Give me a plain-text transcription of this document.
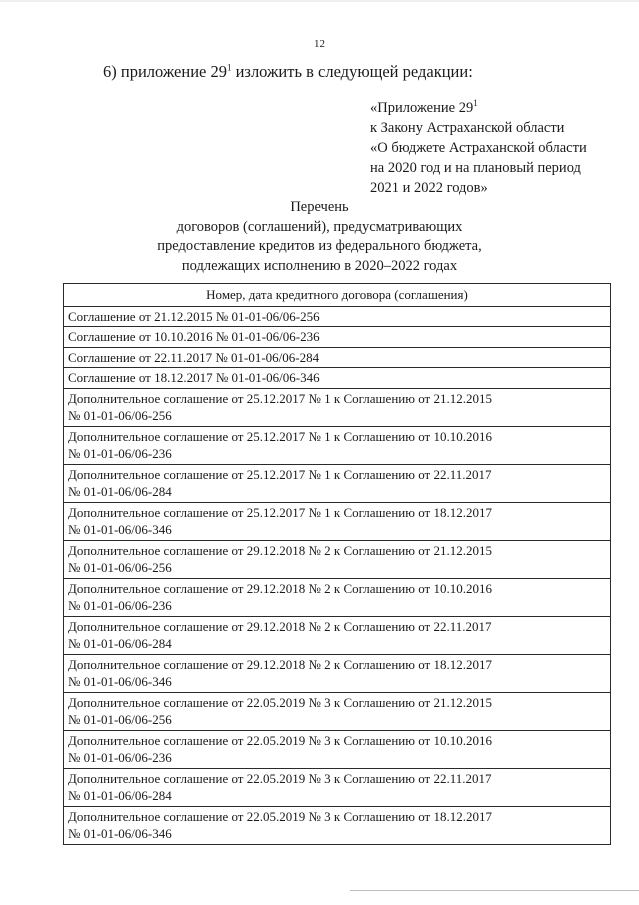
12
6) приложение $29^1$ изложить в следующей редакции:
«Приложение $29^1$
к Закону Астраханской области
«О бюджете Астраханской области
на 2020 год и на плановый период
2021 и 2022 годов»
Перечень
договоров (соглашений), предусматривающих
предоставление кредитов из федерального бюджета,
подлежащих исполнению в 2020–2022 годах
Номер, дата кредитного договора (соглашения)

Соглашение от 21.12.2015 № 01-01-06/06-256

Соглашение от 10.10.2016 № 01-01-06/06-236

Соглашение от 22.11.2017 № 01-01-06/06-284

Соглашение от 18.12.2017 № 01-01-06/06-346

Дополнительное соглашение от 25.12.2017 № 1 к Соглашению от 21.12.2015
№ 01-01-06/06-256

Дополнительное соглашение от 25.12.2017 № 1 к Соглашению от 10.10.2016
№ 01-01-06/06-236

Дополнительное соглашение от 25.12.2017 № 1 к Соглашению от 22.11.2017
№ 01-01-06/06-284

Дополнительное соглашение от 25.12.2017 № 1 к Соглашению от 18.12.2017
№ 01-01-06/06-346

Дополнительное соглашение от 29.12.2018 № 2 к Соглашению от 21.12.2015
№ 01-01-06/06-256

Дополнительное соглашение от 29.12.2018 № 2 к Соглашению от 10.10.2016
№ 01-01-06/06-236

Дополнительное соглашение от 29.12.2018 № 2 к Соглашению от 22.11.2017
№ 01-01-06/06-284

Дополнительное соглашение от 29.12.2018 № 2 к Соглашению от 18.12.2017
№ 01-01-06/06-346

Дополнительное соглашение от 22.05.2019 № 3 к Соглашению от 21.12.2015
№ 01-01-06/06-256

Дополнительное соглашение от 22.05.2019 № 3 к Соглашению от 10.10.2016
№ 01-01-06/06-236

Дополнительное соглашение от 22.05.2019 № 3 к Соглашению от 22.11.2017
№ 01-01-06/06-284

Дополнительное соглашение от 22.05.2019 № 3 к Соглашению от 18.12.2017
№ 01-01-06/06-346
